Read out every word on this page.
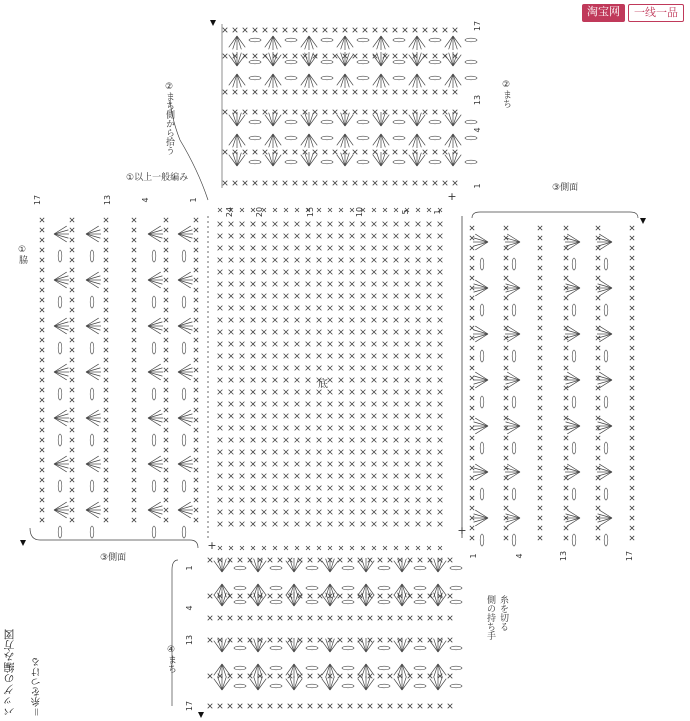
24	20	15	10	5	1
17
13
4
1
1
4
13
17
17	13	4	1
1	4	13	17
+
+
+
淘宝网	一线一品
②まち
②まち側から拾う
①脇
①以上一般編み
③側面
③側面
④まち
糸を切る
側の持ち手
底
バッグの編み方図 ＝糸をつける
